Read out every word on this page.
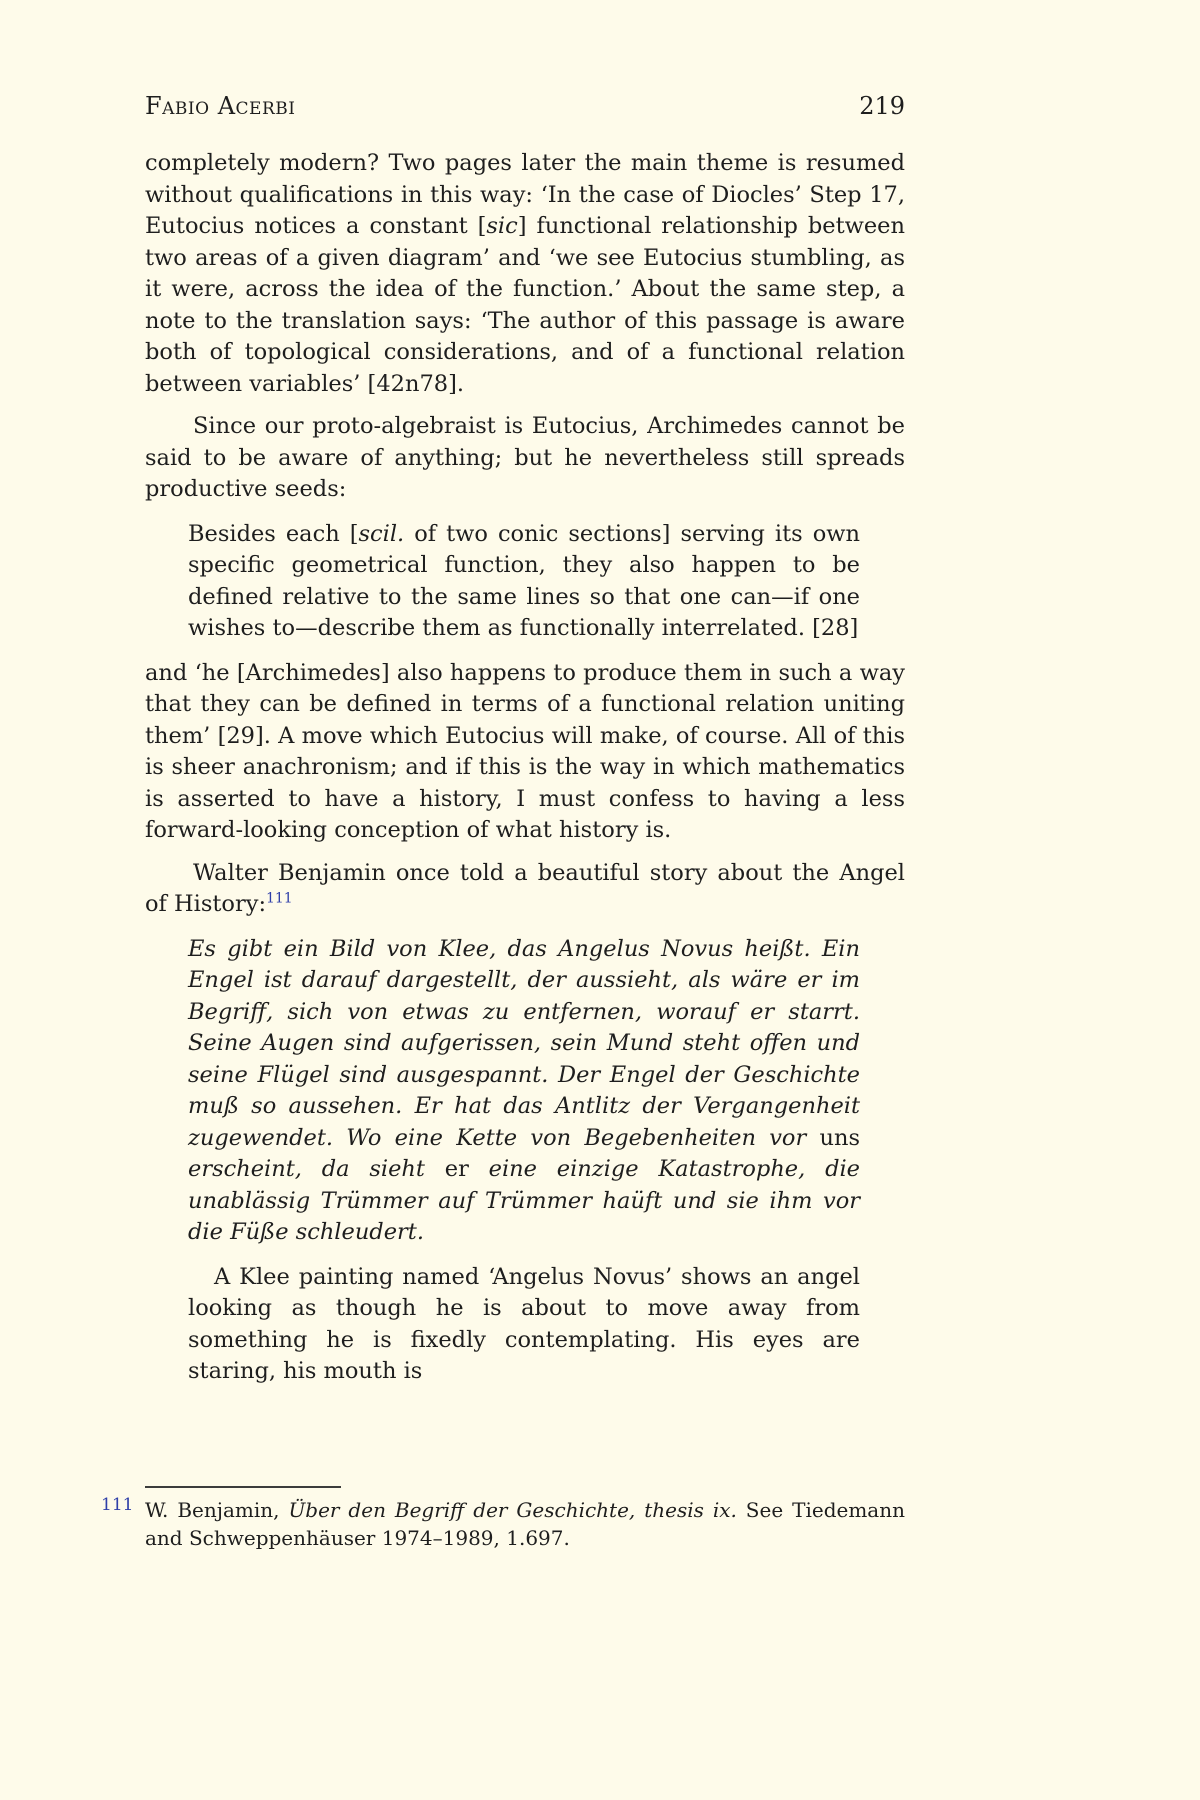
Fabio Acerbi	219

completely modern? Two pages later the main theme is resumed without qualifications in this way: ‘In the case of Diocles’ Step 17, Eutocius notices a constant [sic] functional relationship between two areas of a given diagram’ and ‘we see Eutocius stumbling, as it were, across the idea of the function.’ About the same step, a note to the translation says: ‘The author of this passage is aware both of topological considerations, and of a functional relation between variables’ [42n78].

Since our proto-algebraist is Eutocius, Archimedes cannot be said to be aware of anything; but he nevertheless still spreads productive seeds:

Besides each [scil. of two conic sections] serving its own specific geometrical function, they also happen to be defined relative to the same lines so that one can—if one wishes to—describe them as functionally interrelated. [28]

and ‘he [Archimedes] also happens to produce them in such a way that they can be defined in terms of a functional relation uniting them’ [29]. A move which Eutocius will make, of course. All of this is sheer anachronism; and if this is the way in which mathematics is asserted to have a history, I must confess to having a less forward-looking conception of what history is.

Walter Benjamin once told a beautiful story about the Angel of History:$^{111}$

Es gibt ein Bild von Klee, das Angelus Novus heißt. Ein Engel ist darauf dargestellt, der aussieht, als wäre er im Begriff, sich von etwas zu entfernen, worauf er starrt. Seine Augen sind aufgerissen, sein Mund steht offen und seine Flügel sind ausgespannt. Der Engel der Geschichte muß so aussehen. Er hat das Antlitz der Vergangenheit zugewendet. Wo eine Kette von Begebenheiten vor uns erscheint, da sieht er eine einzige Katastrophe, die unablässig Trümmer auf Trümmer haüft und sie ihm vor die Füße schleudert.

A Klee painting named ‘Angelus Novus’ shows an angel looking as though he is about to move away from something he is fixedly contemplating. His eyes are staring, his mouth is

111 W. Benjamin, Über den Begriff der Geschichte, thesis ix. See Tiedemann and Schweppenhäuser 1974–1989, 1.697.
